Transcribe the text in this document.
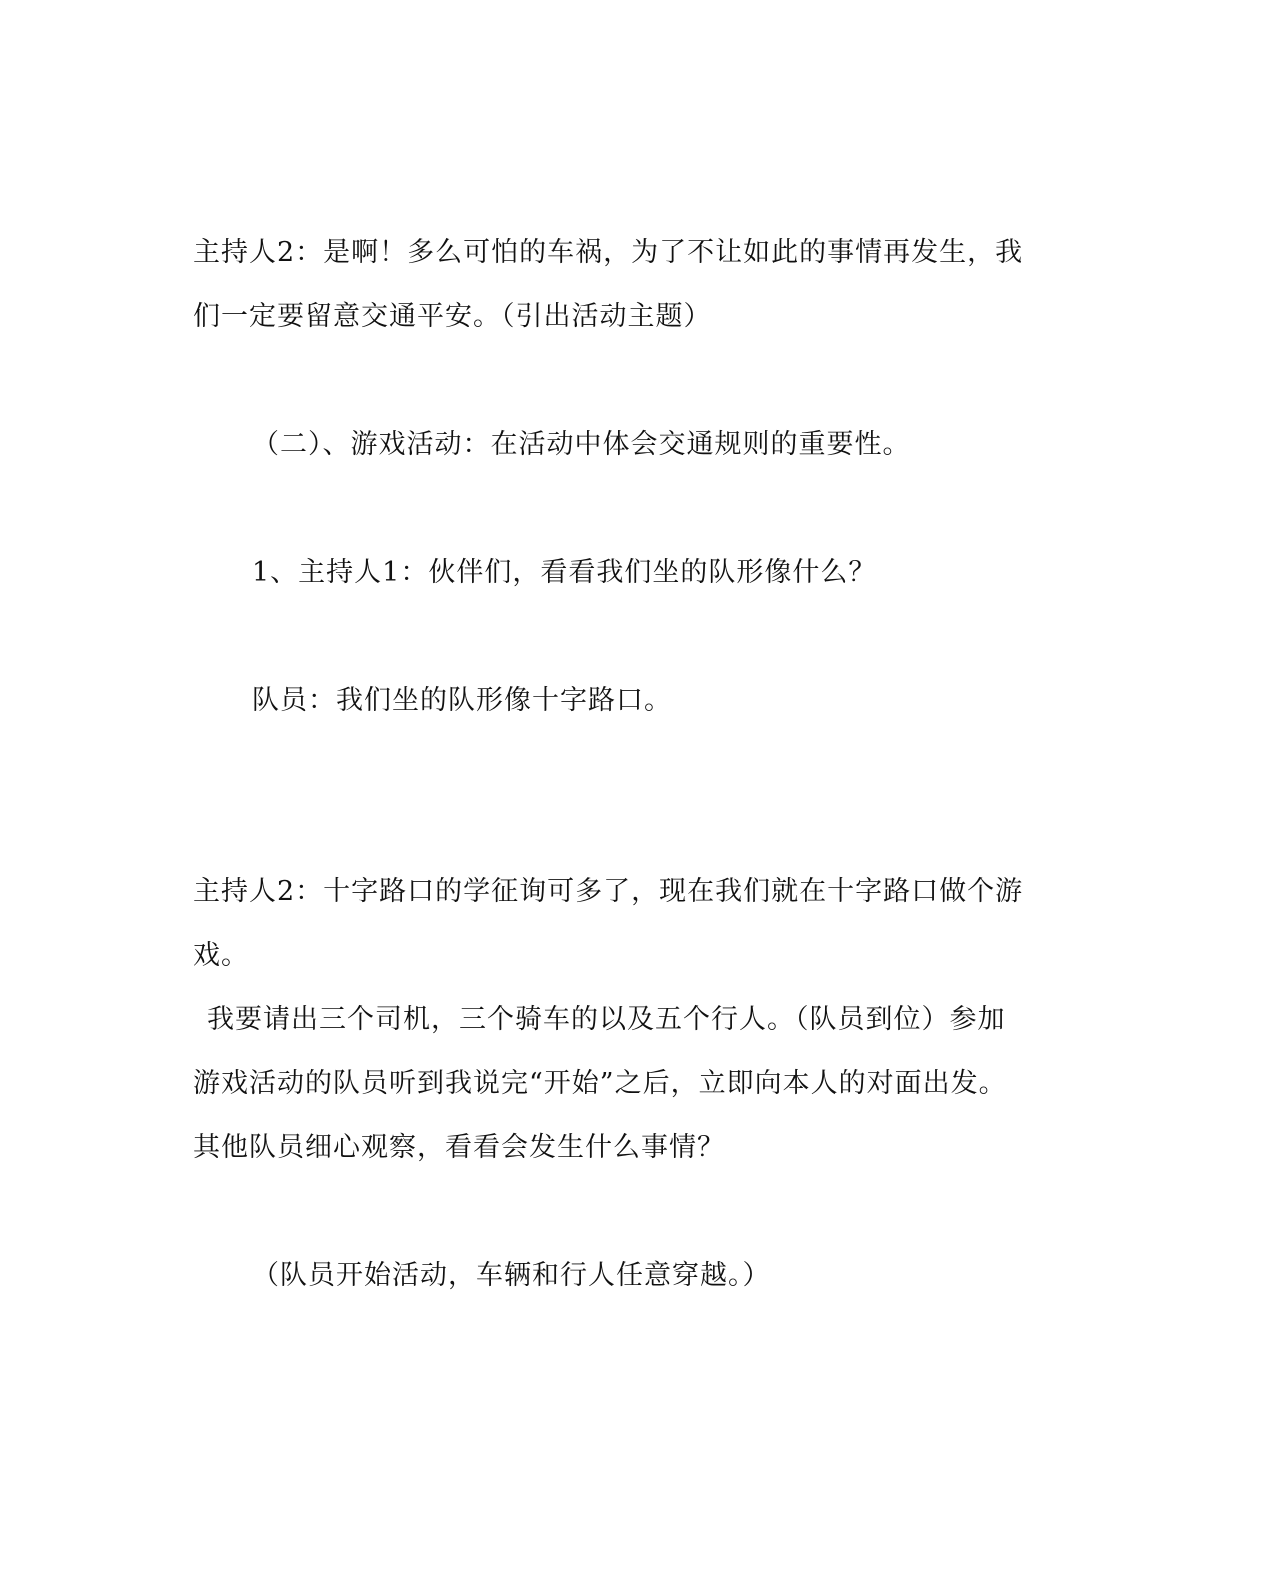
主持人2：是啊！多么可怕的车祸，为了不让如此的事情再发生，我
们一定要留意交通平安。（引出活动主题）
（二）、游戏活动：在活动中体会交通规则的重要性。
1、主持人1：伙伴们，看看我们坐的队形像什么？
队员：我们坐的队形像十字路口。
主持人2：十字路口的学征询可多了，现在我们就在十字路口做个游
戏。
我要请出三个司机，三个骑车的以及五个行人。（队员到位）参加
游戏活动的队员听到我说完“开始”之后，立即向本人的对面出发。
其他队员细心观察，看看会发生什么事情？
（队员开始活动，车辆和行人任意穿越。）
